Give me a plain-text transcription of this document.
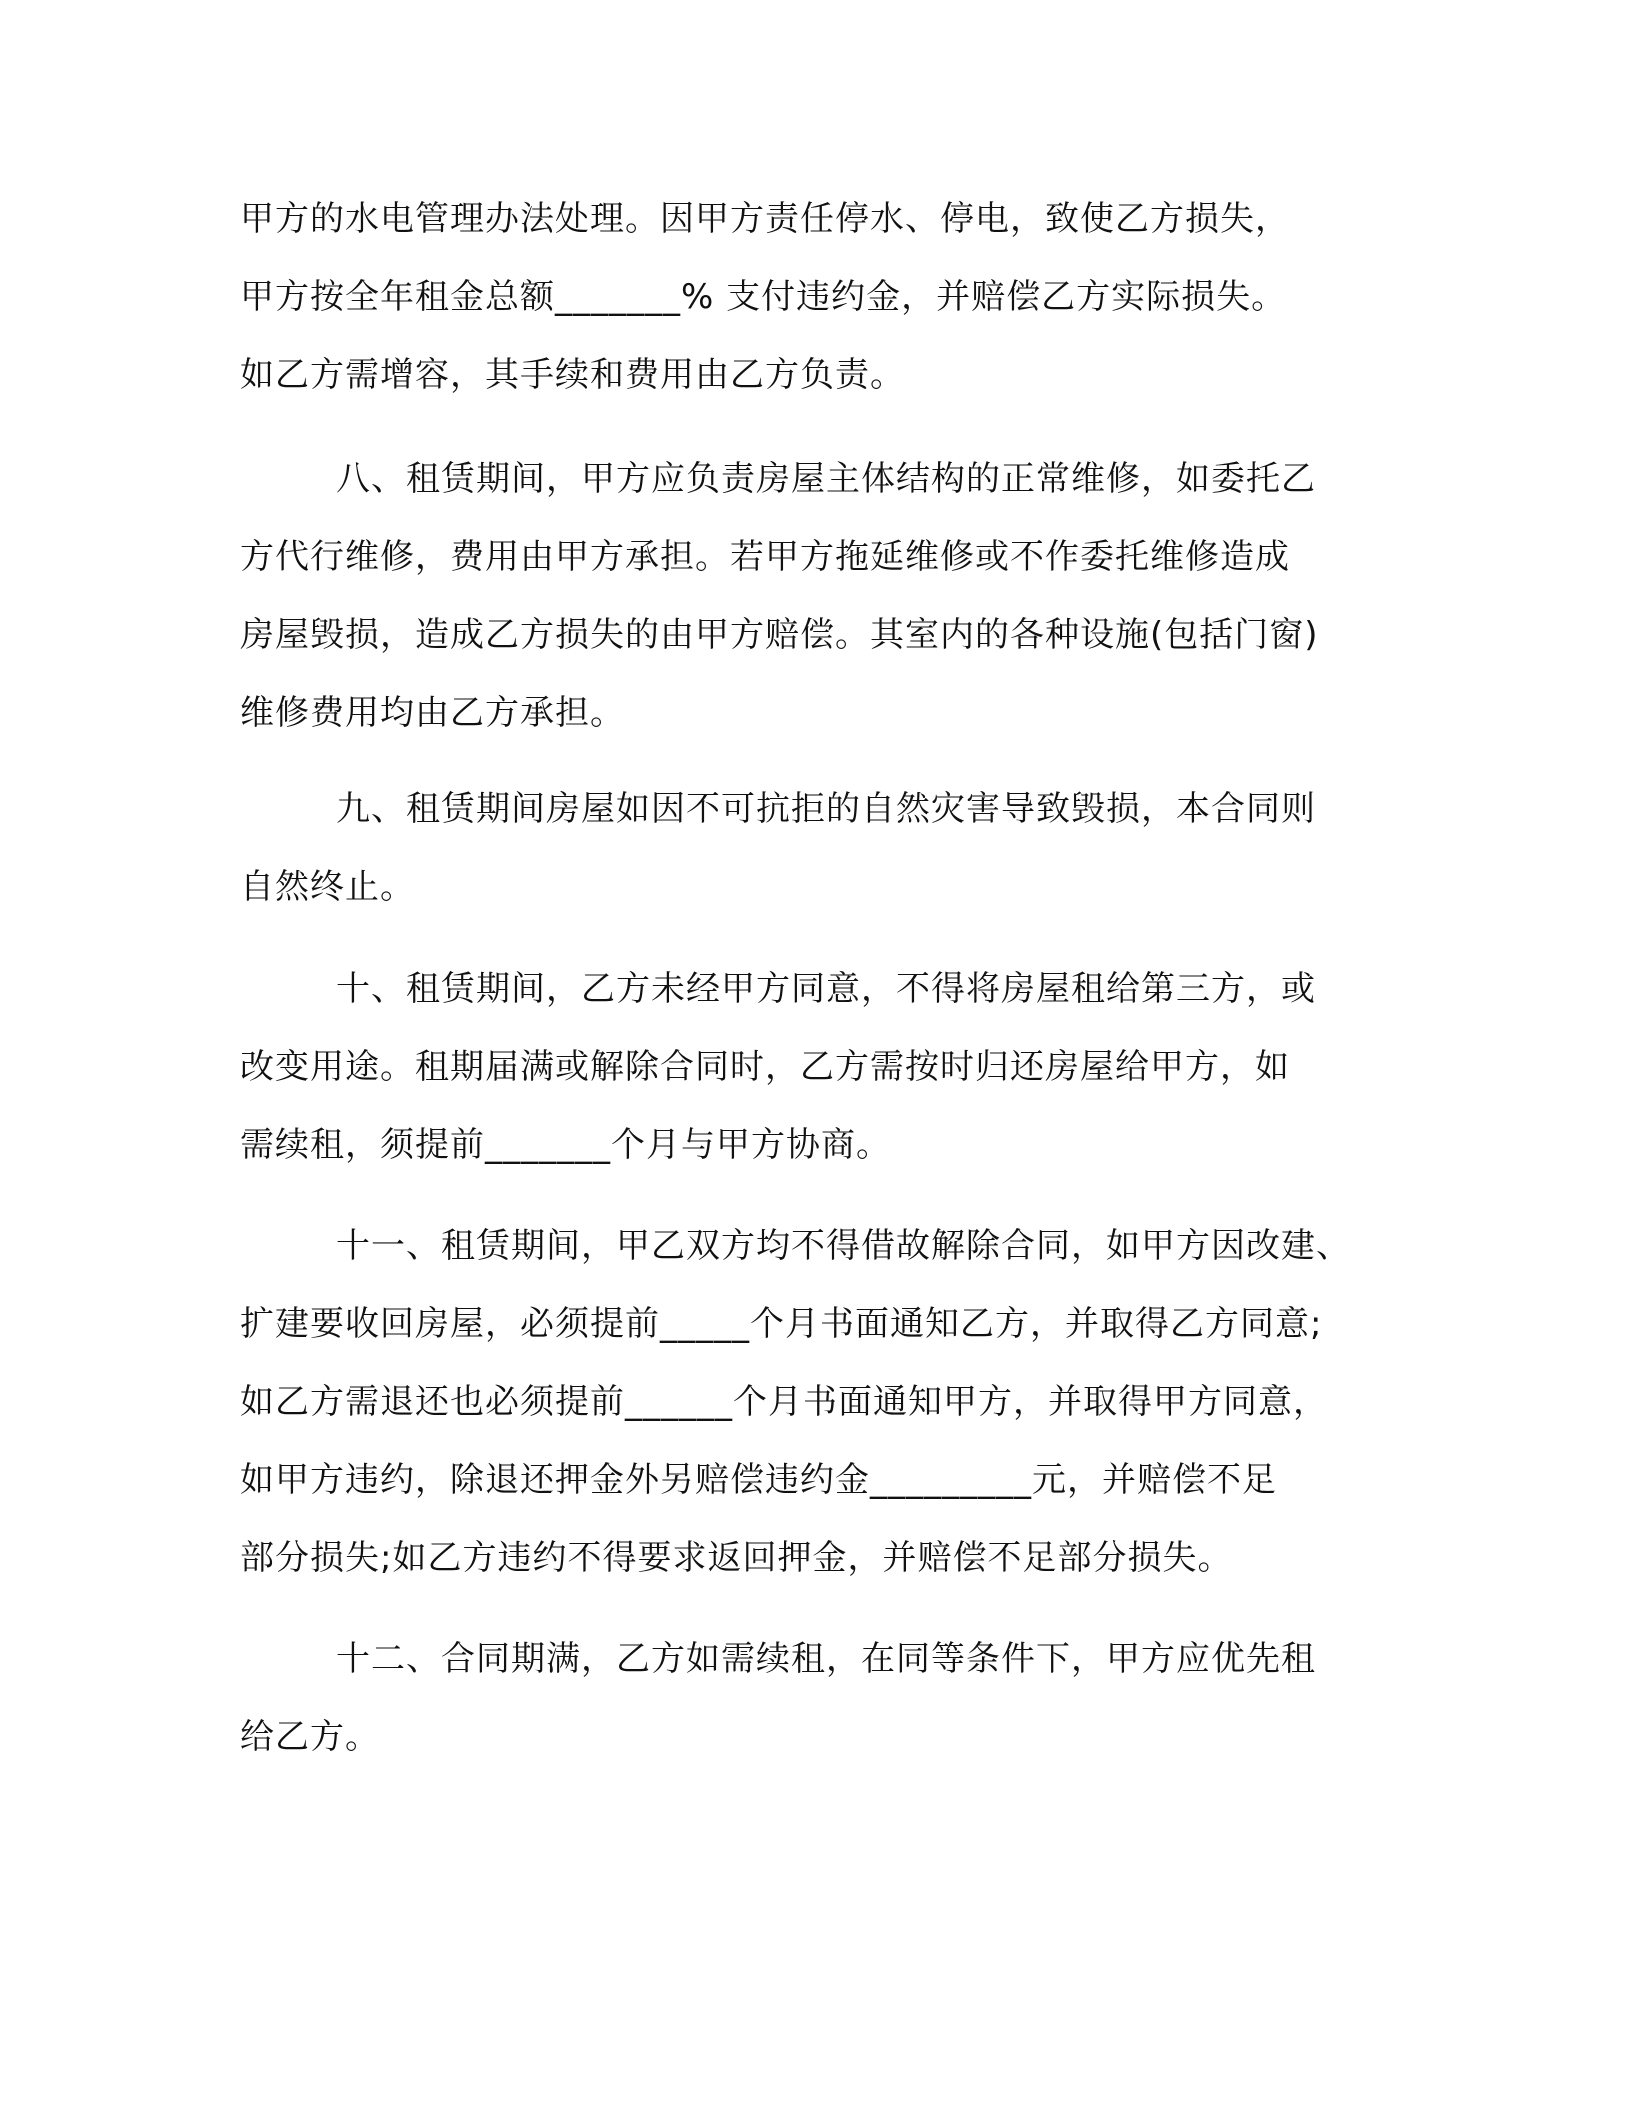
甲方的水电管理办法处理。因甲方责任停水、停电，致使乙方损失，
甲方按全年租金总额_______% 支付违约金，并赔偿乙方实际损失。
如乙方需增容，其手续和费用由乙方负责。
八、租赁期间，甲方应负责房屋主体结构的正常维修，如委托乙
方代行维修，费用由甲方承担。若甲方拖延维修或不作委托维修造成
房屋毁损，造成乙方损失的由甲方赔偿。其室内的各种设施(包括门窗)
维修费用均由乙方承担。
九、租赁期间房屋如因不可抗拒的自然灾害导致毁损，本合同则
自然终止。
十、租赁期间，乙方未经甲方同意，不得将房屋租给第三方，或
改变用途。租期届满或解除合同时，乙方需按时归还房屋给甲方，如
需续租，须提前_______个月与甲方协商。
十一、租赁期间，甲乙双方均不得借故解除合同，如甲方因改建、
扩建要收回房屋，必须提前_____个月书面通知乙方，并取得乙方同意;
如乙方需退还也必须提前______个月书面通知甲方，并取得甲方同意，
如甲方违约，除退还押金外另赔偿违约金_________元，并赔偿不足
部分损失;如乙方违约不得要求返回押金，并赔偿不足部分损失。
十二、合同期满，乙方如需续租，在同等条件下，甲方应优先租
给乙方。
